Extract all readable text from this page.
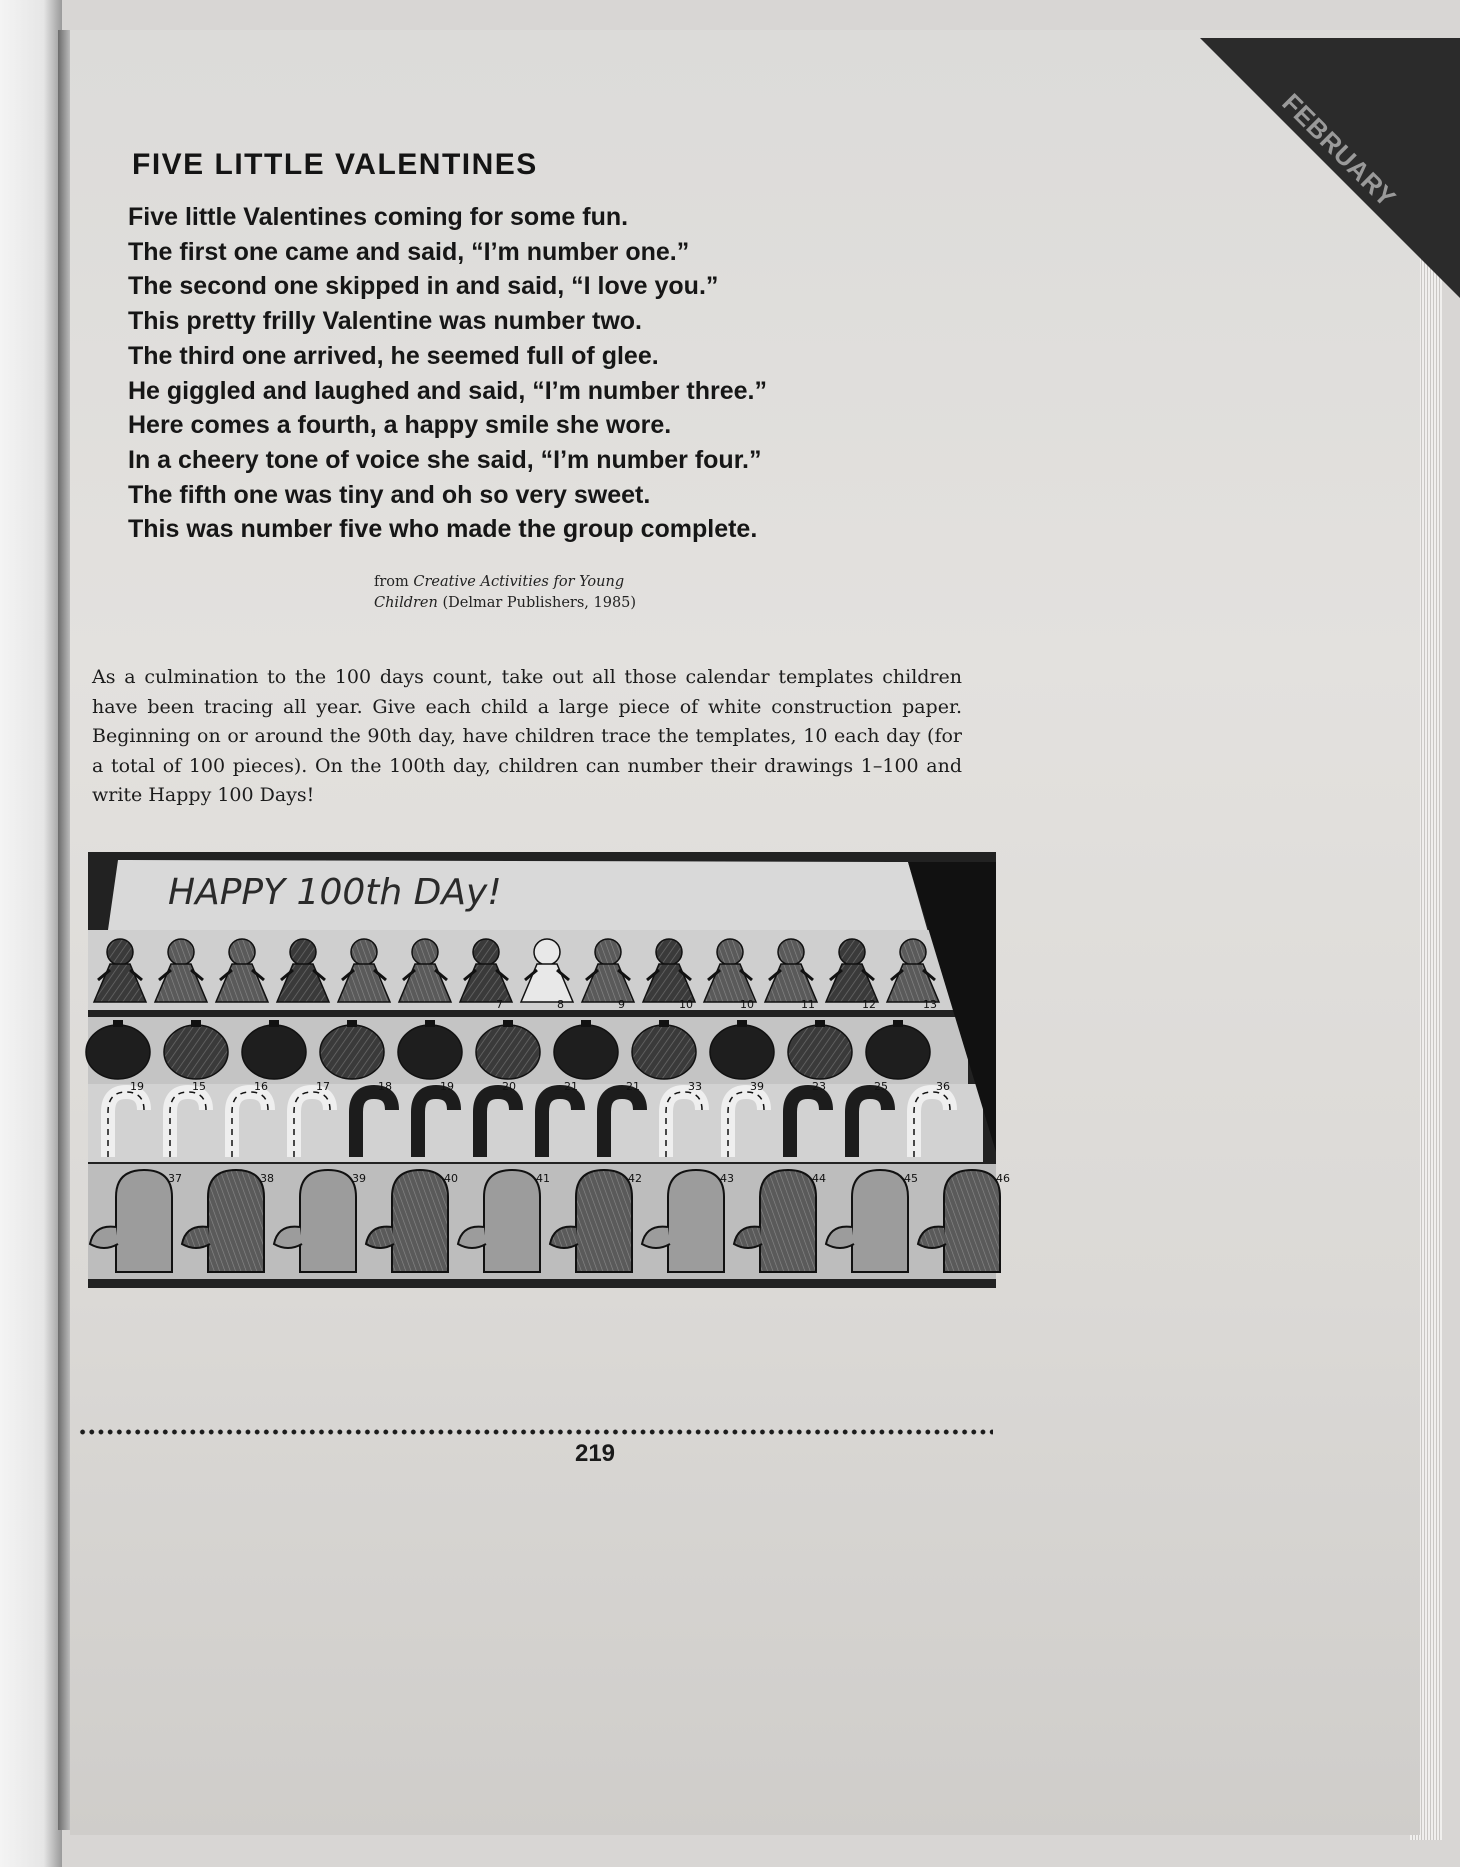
FEBRUARY
FIVE LITTLE VALENTINES
Five little Valentines coming for some fun.
The first one came and said, “I’m number one.”
The second one skipped in and said, “I love you.”
This pretty frilly Valentine was number two.
The third one arrived, he seemed full of glee.
He giggled and laughed and said, “I’m number three.”
Here comes a fourth, a happy smile she wore.
In a cheery tone of voice she said, “I’m number four.”
The fifth one was tiny and oh so very sweet.
This was number five who made the group complete.
from Creative Activities for Young
Children (Delmar Publishers, 1985)

As a culmination to the 100 days count, take out all those calendar templates children have been tracing all year. Give each child a large piece of white construction paper. Beginning on or around the 90th day, have children trace the templates, 10 each day (for a total of 100 pieces). On the 100th day, children can number their drawings 1–100 and write Happy 100 Days!

HAPPY 100th DAy!
7	8	9	10	10	11	12	13
19	15	16	17	18	19	20	21	21	33	39	23	25	36
37	38	39	40	41	42	43	44	45	46
219
